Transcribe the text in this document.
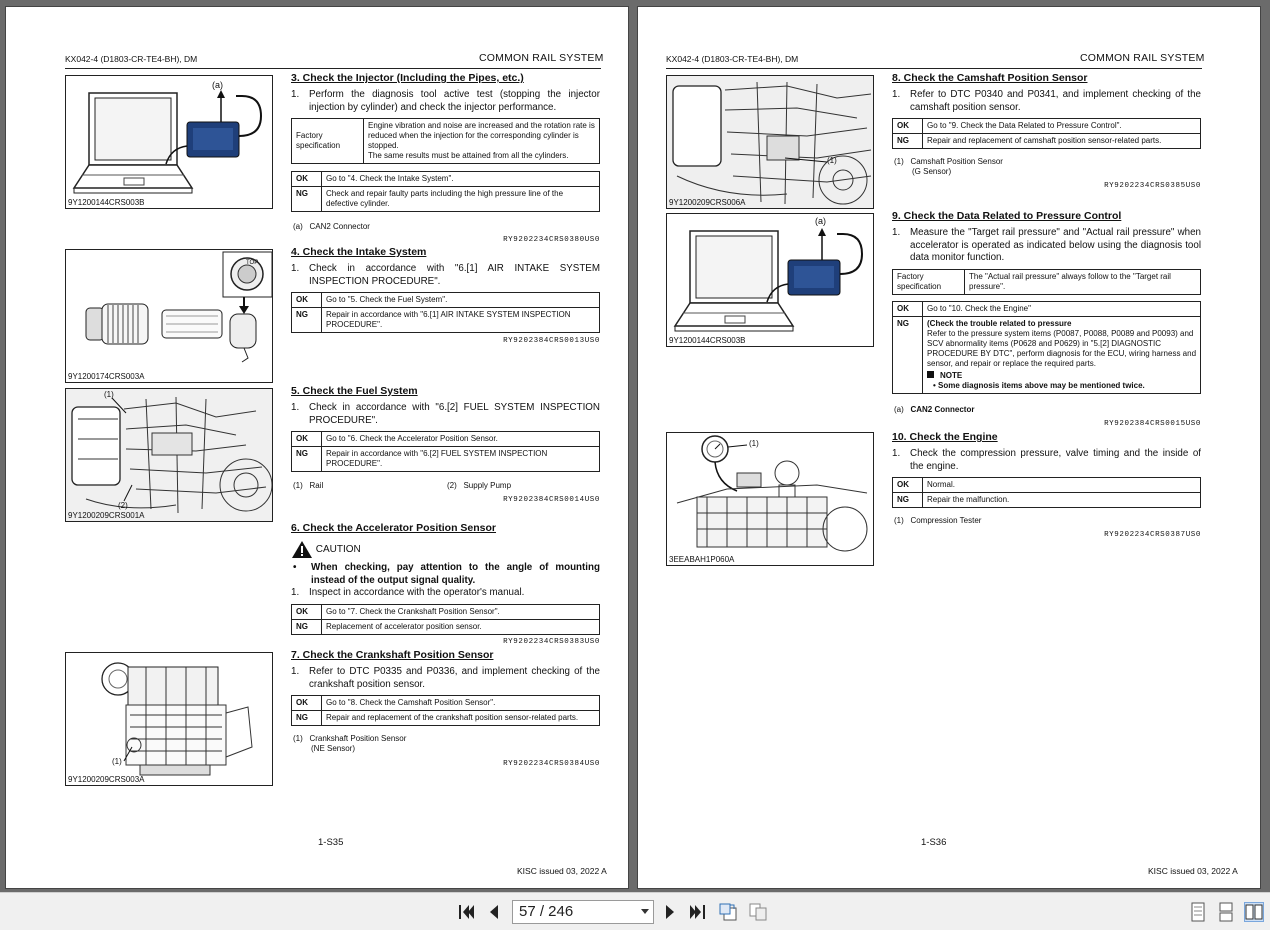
KX042-4 (D1803-CR-TE4-BH), DM	COMMON RAIL SYSTEM
(a)
9Y1200144CRS003B
3. Check the Injector (Including the Pipes, etc.)
1. Perform the diagnosis tool active test (stopping the injector injection by cylinder) and check the injector performance.
Factory specification	Engine vibration and noise are increased and the rotation rate is reduced when the injection for the corresponding cylinder is stopped.
The same results must be attained from all the cylinders.
OK	Go to "4. Check the Intake System".
NG	Check and repair faulty parts including the high pressure line of the defective cylinder.
(a) CAN2 Connector
RY9202234CRS0380US0
TOP
9Y1200174CRS003A
4. Check the Intake System
1. Check in accordance with "6.[1] AIR INTAKE SYSTEM INSPECTION PROCEDURE".
OK	Go to "5. Check the Fuel System".
NG	Repair in accordance with "6.[1] AIR INTAKE SYSTEM INSPECTION PROCEDURE".
RY9202384CRS0013US0
(1)
(2)
9Y1200209CRS001A
5. Check the Fuel System
1. Check in accordance with "6.[2] FUEL SYSTEM INSPECTION PROCEDURE".
OK	Go to "6. Check the Accelerator Position Sensor.
NG	Repair in accordance with "6.[2] FUEL SYSTEM INSPECTION PROCEDURE".
(1) Rail	(2) Supply Pump
RY9202384CRS0014US0
6. Check the Accelerator Position Sensor
CAUTION
• When checking, pay attention to the angle of mounting instead of the output signal quality.
1. Inspect in accordance with the operator's manual.
OK	Go to "7. Check the Crankshaft Position Sensor".
NG	Replacement of accelerator position sensor.
RY9202234CRS0383US0
(1)
9Y1200209CRS003A
7. Check the Crankshaft Position Sensor
1. Refer to DTC P0335 and P0336, and implement checking of the crankshaft position sensor.
OK	Go to "8. Check the Camshaft Position Sensor".
NG	Repair and replacement of the crankshaft position sensor-related parts.
(1) Crankshaft Position Sensor
(NE Sensor)
RY9202234CRS0384US0
1-S35
KISC issued 03, 2022 A
KX042-4 (D1803-CR-TE4-BH), DM	COMMON RAIL SYSTEM
(1)
9Y1200209CRS006A
(a)
9Y1200144CRS003B
8. Check the Camshaft Position Sensor
1. Refer to DTC P0340 and P0341, and implement checking of the camshaft position sensor.
OK	Go to "9. Check the Data Related to Pressure Control".
NG	Repair and replacement of camshaft position sensor-related parts.
(1) Camshaft Position Sensor
(G Sensor)
RY9202234CRS0385US0
9. Check the Data Related to Pressure Control
1. Measure the "Target rail pressure" and "Actual rail pressure" when accelerator is operated as indicated below using the diagnosis tool data monitor function.
Factory specification	The "Actual rail pressure" always follow to the "Target rail pressure".
OK	Go to "10. Check the Engine"
NG	(Check the trouble related to pressure
Refer to the pressure system items (P0087, P0088, P0089 and P0093) and SCV abnormality items (P0628 and P0629) in "5.[2] DIAGNOSTIC PROCEDURE BY DTC", perform diagnosis for the ECU, wiring harness and sensor, and repair or replace the required parts.
NOTE
• Some diagnosis items above may be mentioned twice.
(a) CAN2 Connector
RY9202384CRS0015US0
(1)
3EEABAH1P060A
10. Check the Engine
1. Check the compression pressure, valve timing and the inside of the engine.
OK	Normal.
NG	Repair the malfunction.
(1) Compression Tester
RY9202234CRS0387US0
1-S36
KISC issued 03, 2022 A
57 / 246
